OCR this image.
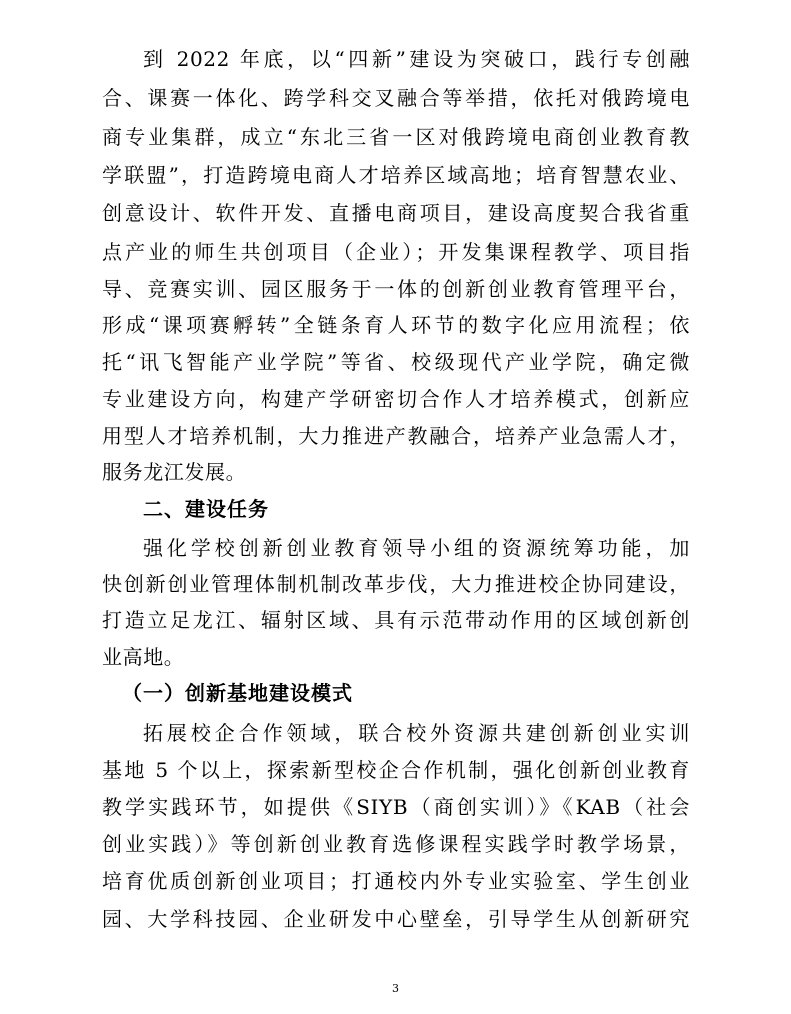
到 2022 年底，以“四新”建设为突破口，践行专创融
合、课赛一体化、跨学科交叉融合等举措，依托对俄跨境电
商专业集群，成立“东北三省一区对俄跨境电商创业教育教
学联盟”，打造跨境电商人才培养区域高地；培育智慧农业、
创意设计、软件开发、直播电商项目，建设高度契合我省重
点产业的师生共创项目（企业）；开发集课程教学、项目指
导、竞赛实训、园区服务于一体的创新创业教育管理平台，
形成“课项赛孵转”全链条育人环节的数字化应用流程；依
托“讯飞智能产业学院”等省、校级现代产业学院，确定微
专业建设方向，构建产学研密切合作人才培养模式，创新应
用型人才培养机制，大力推进产教融合，培养产业急需人才，
服务龙江发展。
二、建设任务
强化学校创新创业教育领导小组的资源统筹功能，加
快创新创业管理体制机制改革步伐，大力推进校企协同建设，
打造立足龙江、辐射区域、具有示范带动作用的区域创新创
业高地。
（一）创新基地建设模式
拓展校企合作领域，联合校外资源共建创新创业实训
基地 5 个以上，探索新型校企合作机制，强化创新创业教育
教学实践环节，如提供《SIYB（商创实训）》《KAB（社会
创业实践）》等创新创业教育选修课程实践学时教学场景，
培育优质创新创业项目；打通校内外专业实验室、学生创业
园、大学科技园、企业研发中心壁垒，引导学生从创新研究
3
